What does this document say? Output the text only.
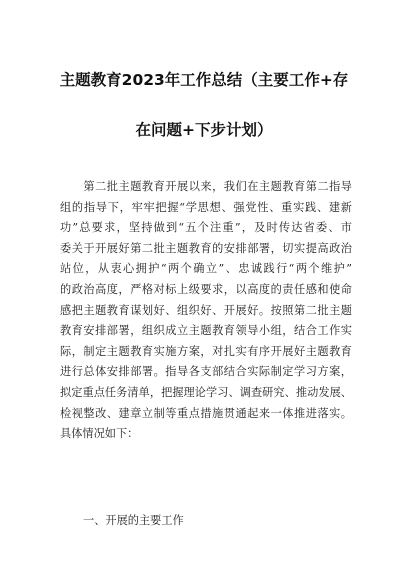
主题教育2023年工作总结（主要工作+存
在问题+下步计划）
　　第二批主题教育开展以来，我们在主题教育第二指导
组的指导下，牢牢把握“学思想、强党性、重实践、建新
功”总要求，坚持做到“五个注重”，及时传达省委、市
委关于开展好第二批主题教育的安排部署，切实提高政治
站位，从衷心拥护“两个确立”、忠诚践行“两个维护”
的政治高度，严格对标上级要求，以高度的责任感和使命
感把主题教育谋划好、组织好、开展好。按照第二批主题
教育安排部署，组织成立主题教育领导小组，结合工作实
际，制定主题教育实施方案，对扎实有序开展好主题教育
进行总体安排部署。指导各支部结合实际制定学习方案，
拟定重点任务清单，把握理论学习、调查研究、推动发展、
检视整改、建章立制等重点措施贯通起来一体推进落实。
具体情况如下：
一、开展的主要工作
